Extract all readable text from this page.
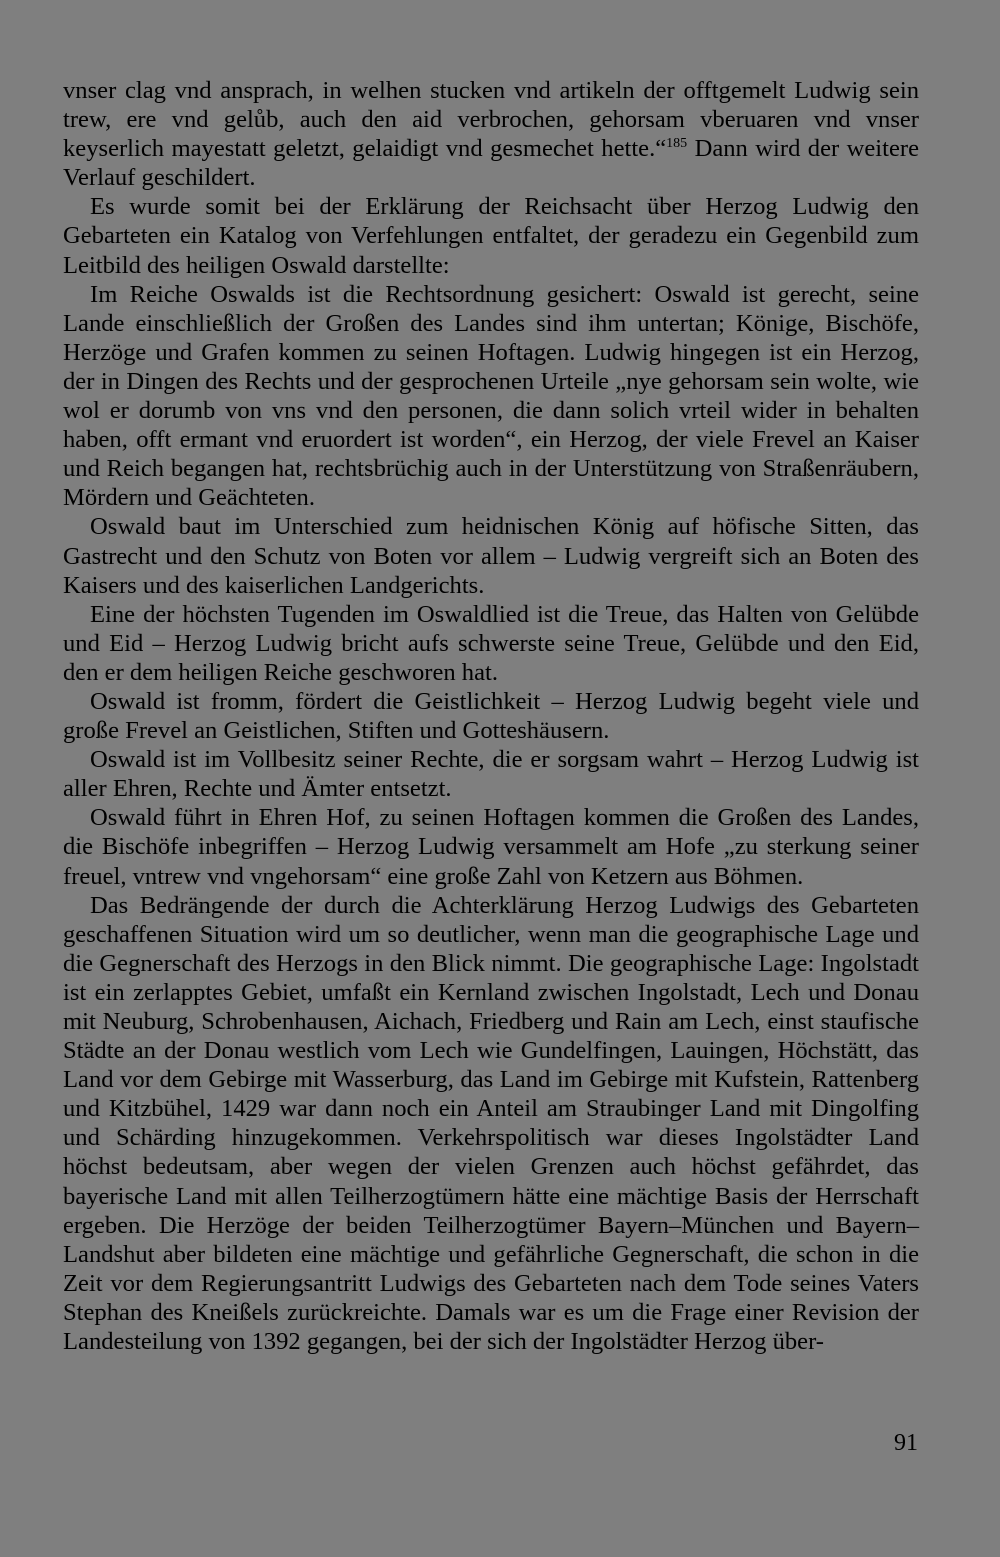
vnser clag vnd ansprach, in welhen stucken vnd artikeln der offtgemelt Ludwig sein trew, ere vnd gelůb, auch den aid verbrochen, gehorsam vberuaren vnd vnser keyserlich mayestatt geletzt, gelaidigt vnd gesmechet hette.“$^{185}$ Dann wird der weitere Verlauf geschildert.

Es wurde somit bei der Erklärung der Reichsacht über Herzog Ludwig den Gebarteten ein Katalog von Verfehlungen entfaltet, der geradezu ein Gegenbild zum Leitbild des heiligen Oswald darstellte:

Im Reiche Oswalds ist die Rechtsordnung gesichert: Oswald ist gerecht, seine Lande einschließlich der Großen des Landes sind ihm untertan; Könige, Bischöfe, Herzöge und Grafen kommen zu seinen Hoftagen. Ludwig hingegen ist ein Herzog, der in Dingen des Rechts und der gesprochenen Urteile „nye gehorsam sein wolte, wie wol er dorumb von vns vnd den personen, die dann solich vrteil wider in behalten haben, offt ermant vnd eruordert ist worden“, ein Herzog, der viele Frevel an Kaiser und Reich begangen hat, rechtsbrüchig auch in der Unterstützung von Straßenräubern, Mördern und Geächteten.

Oswald baut im Unterschied zum heidnischen König auf höfische Sitten, das Gastrecht und den Schutz von Boten vor allem – Ludwig vergreift sich an Boten des Kaisers und des kaiserlichen Landgerichts.

Eine der höchsten Tugenden im Oswaldlied ist die Treue, das Halten von Gelübde und Eid – Herzog Ludwig bricht aufs schwerste seine Treue, Gelübde und den Eid, den er dem heiligen Reiche geschworen hat.

Oswald ist fromm, fördert die Geistlichkeit – Herzog Ludwig begeht viele und große Frevel an Geistlichen, Stiften und Gotteshäusern.

Oswald ist im Vollbesitz seiner Rechte, die er sorgsam wahrt – Herzog Ludwig ist aller Ehren, Rechte und Ämter entsetzt.

Oswald führt in Ehren Hof, zu seinen Hoftagen kommen die Großen des Landes, die Bischöfe inbegriffen – Herzog Ludwig versammelt am Hofe „zu sterkung seiner freuel, vntrew vnd vngehorsam“ eine große Zahl von Ketzern aus Böhmen.

Das Bedrängende der durch die Achterklärung Herzog Ludwigs des Gebarteten geschaffenen Situation wird um so deutlicher, wenn man die geographische Lage und die Gegnerschaft des Herzogs in den Blick nimmt. Die geographische Lage: Ingolstadt ist ein zerlapptes Gebiet, umfaßt ein Kernland zwischen Ingolstadt, Lech und Donau mit Neuburg, Schrobenhausen, Aichach, Friedberg und Rain am Lech, einst staufische Städte an der Donau westlich vom Lech wie Gundelfingen, Lauingen, Höchstätt, das Land vor dem Gebirge mit Wasserburg, das Land im Gebirge mit Kufstein, Rattenberg und Kitzbühel, 1429 war dann noch ein Anteil am Straubinger Land mit Dingolfing und Schärding hinzugekommen. Verkehrspolitisch war dieses Ingolstädter Land höchst bedeutsam, aber wegen der vielen Grenzen auch höchst gefährdet, das bayerische Land mit allen Teilherzogtümern hätte eine mächtige Basis der Herrschaft ergeben. Die Herzöge der beiden Teilherzogtümer Bayern–München und Bayern–Landshut aber bildeten eine mächtige und gefährliche Gegnerschaft, die schon in die Zeit vor dem Regierungsantritt Ludwigs des Gebarteten nach dem Tode seines Vaters Stephan des Kneißels zurückreichte. Damals war es um die Frage einer Revision der Landesteilung von 1392 gegangen, bei der sich der Ingolstädter Herzog über-

91
